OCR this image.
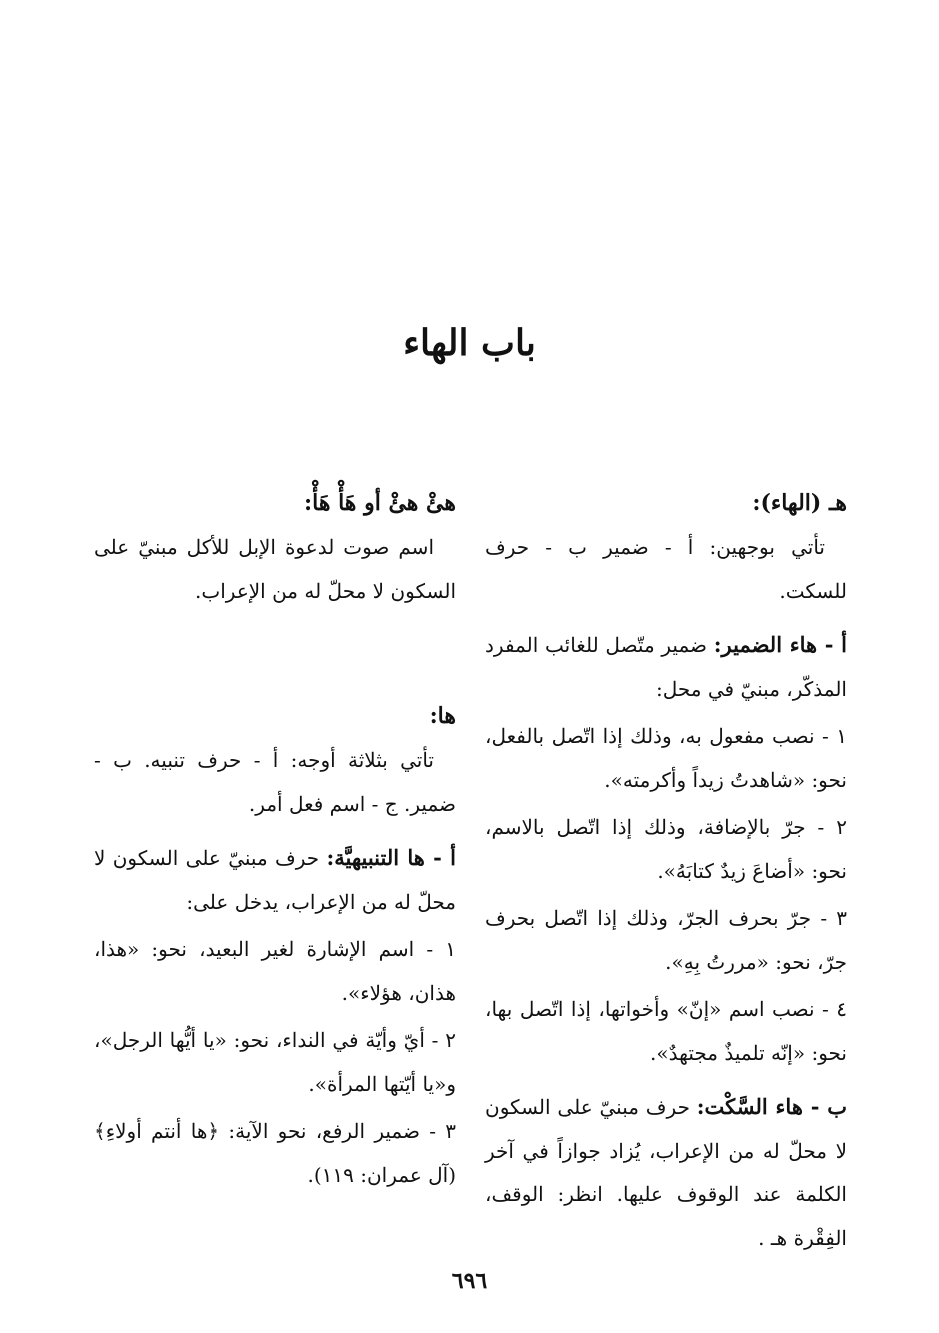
باب الهاء

هـ (الهاء):

تأتي بوجهين: أ - ضمير ب - حرف للسكت.

أ - هاء الضمير: ضمير متّصل للغائب المفرد المذكّر، مبنيّ في محل:

١ - نصب مفعول به، وذلك إذا اتّصل بالفعل، نحو: «شاهدتُ زيداً وأكرمته».

٢ - جرّ بالإضافة، وذلك إذا اتّصل بالاسم، نحو: «أضاعَ زيدٌ كتابَهُ».

٣ - جرّ بحرف الجرّ، وذلك إذا اتّصل بحرف جرّ، نحو: «مررتُ بِهِ».

٤ - نصب اسم «إنّ» وأخواتها، إذا اتّصل بها، نحو: «إنّه تلميذٌ مجتهدٌ».

ب - هاء السَّكْت: حرف مبنيّ على السكون لا محلّ له من الإعراب، يُزاد جوازاً في آخر الكلمة عند الوقوف عليها. انظر: الوقف، الفِقْرة هـ .

هئْ هئْ أو هَأْ هَأْ:

اسم صوت لدعوة الإبل للأكل مبنيّ على السكون لا محلّ له من الإعراب.

ها:

تأتي بثلاثة أوجه: أ - حرف تنبيه. ب - ضمير. ج - اسم فعل أمر.

أ - ها التنبيهيَّة: حرف مبنيّ على السكون لا محلّ له من الإعراب، يدخل على:

١ - اسم الإشارة لغير البعيد، نحو: «هذا، هذان، هؤلاء».

٢ - أيّ وأيّة في النداء، نحو: «يا أيُّها الرجل»، و«يا أيّتها المرأة».

٣ - ضمير الرفع، نحو الآية: ﴿ها أنتم أولاءِ﴾ (آل عمران: ١١٩).

٦٩٦
